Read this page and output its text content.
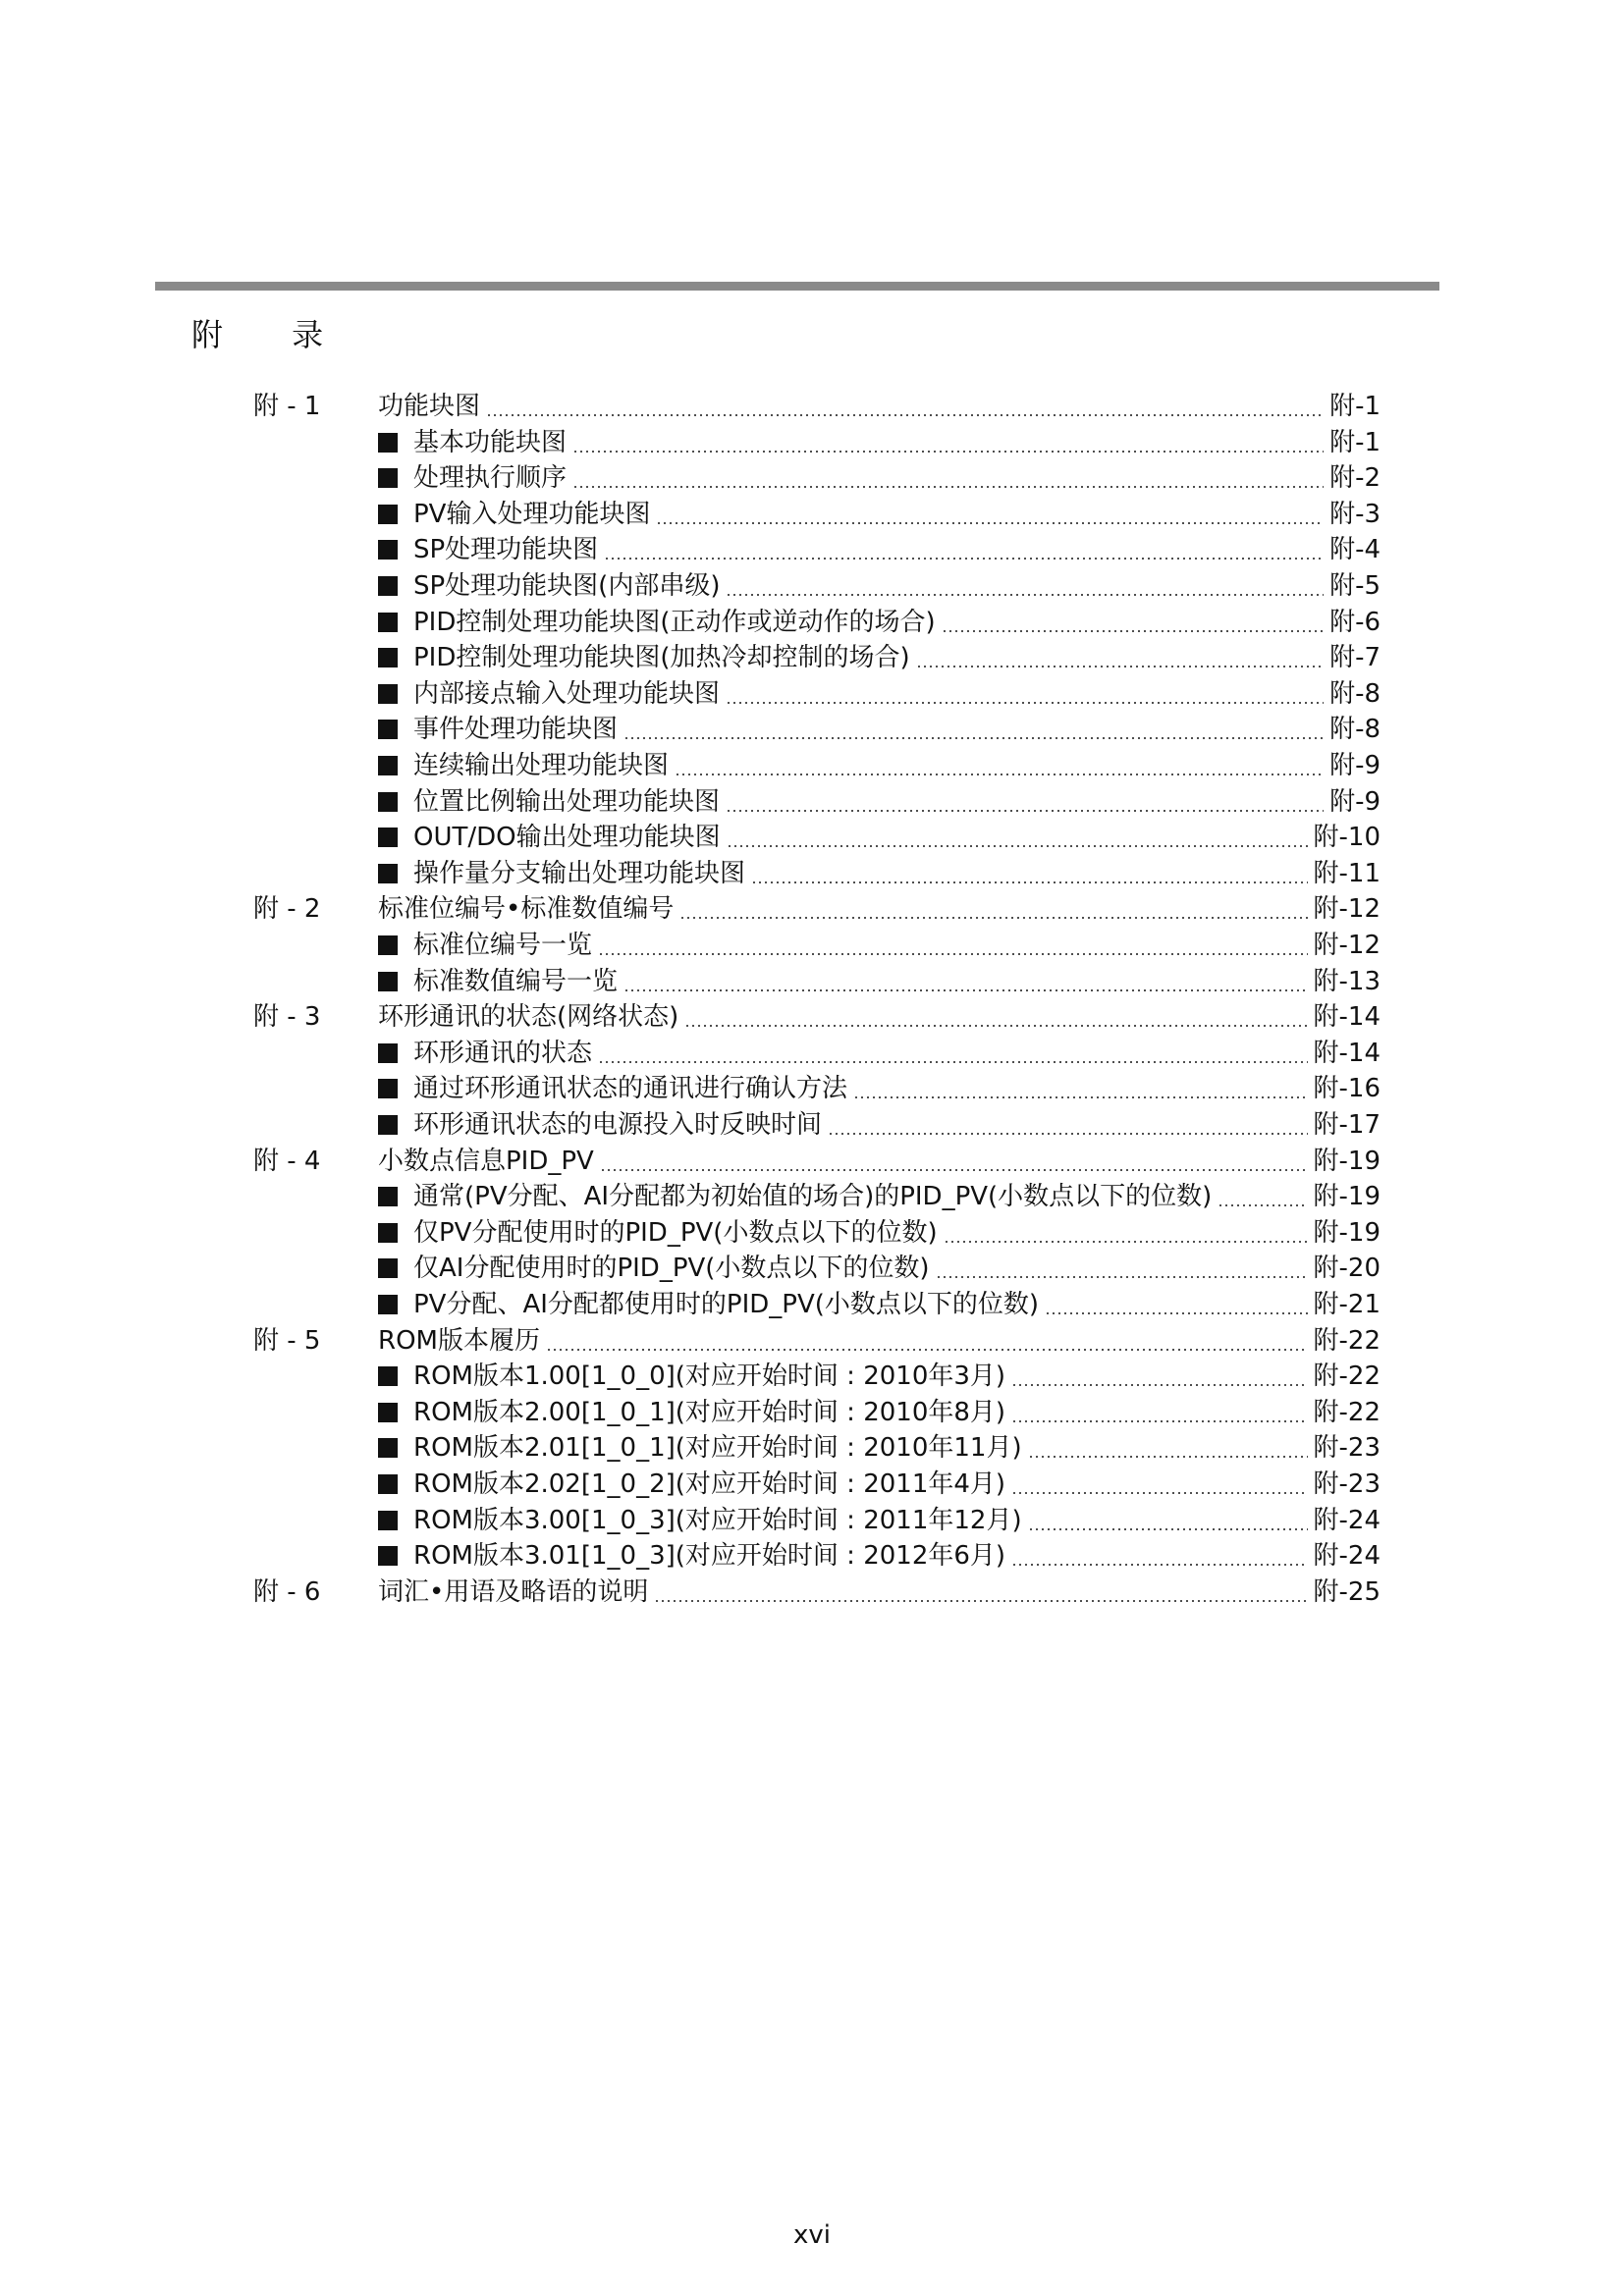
附 录
附 - 1 功能块图	附-1
基本功能块图	附-1
处理执行顺序	附-2
PV输入处理功能块图	附-3
SP处理功能块图	附-4
SP处理功能块图(内部串级)	附-5
PID控制处理功能块图(正动作或逆动作的场合)	附-6
PID控制处理功能块图(加热冷却控制的场合)	附-7
内部接点输入处理功能块图	附-8
事件处理功能块图	附-8
连续输出处理功能块图	附-9
位置比例输出处理功能块图	附-9
OUT/DO输出处理功能块图	附-10
操作量分支输出处理功能块图	附-11
附 - 2 标准位编号•标准数值编号	附-12
标准位编号一览	附-12
标准数值编号一览	附-13
附 - 3 环形通讯的状态(网络状态)	附-14
环形通讯的状态	附-14
通过环形通讯状态的通讯进行确认方法	附-16
环形通讯状态的电源投入时反映时间	附-17
附 - 4 小数点信息PID_PV	附-19
通常(PV分配、AI分配都为初始值的场合)的PID_PV(小数点以下的位数)	附-19
仅PV分配使用时的PID_PV(小数点以下的位数)	附-19
仅AI分配使用时的PID_PV(小数点以下的位数)	附-20
PV分配、AI分配都使用时的PID_PV(小数点以下的位数)	附-21
附 - 5 ROM版本履历	附-22
ROM版本1.00[1_0_0](对应开始时间 : 2010年3月)	附-22
ROM版本2.00[1_0_1](对应开始时间 : 2010年8月)	附-22
ROM版本2.01[1_0_1](对应开始时间 : 2010年11月)	附-23
ROM版本2.02[1_0_2](对应开始时间 : 2011年4月)	附-23
ROM版本3.00[1_0_3](对应开始时间 : 2011年12月)	附-24
ROM版本3.01[1_0_3](对应开始时间 : 2012年6月)	附-24
附 - 6 词汇•用语及略语的说明	附-25
xvi
